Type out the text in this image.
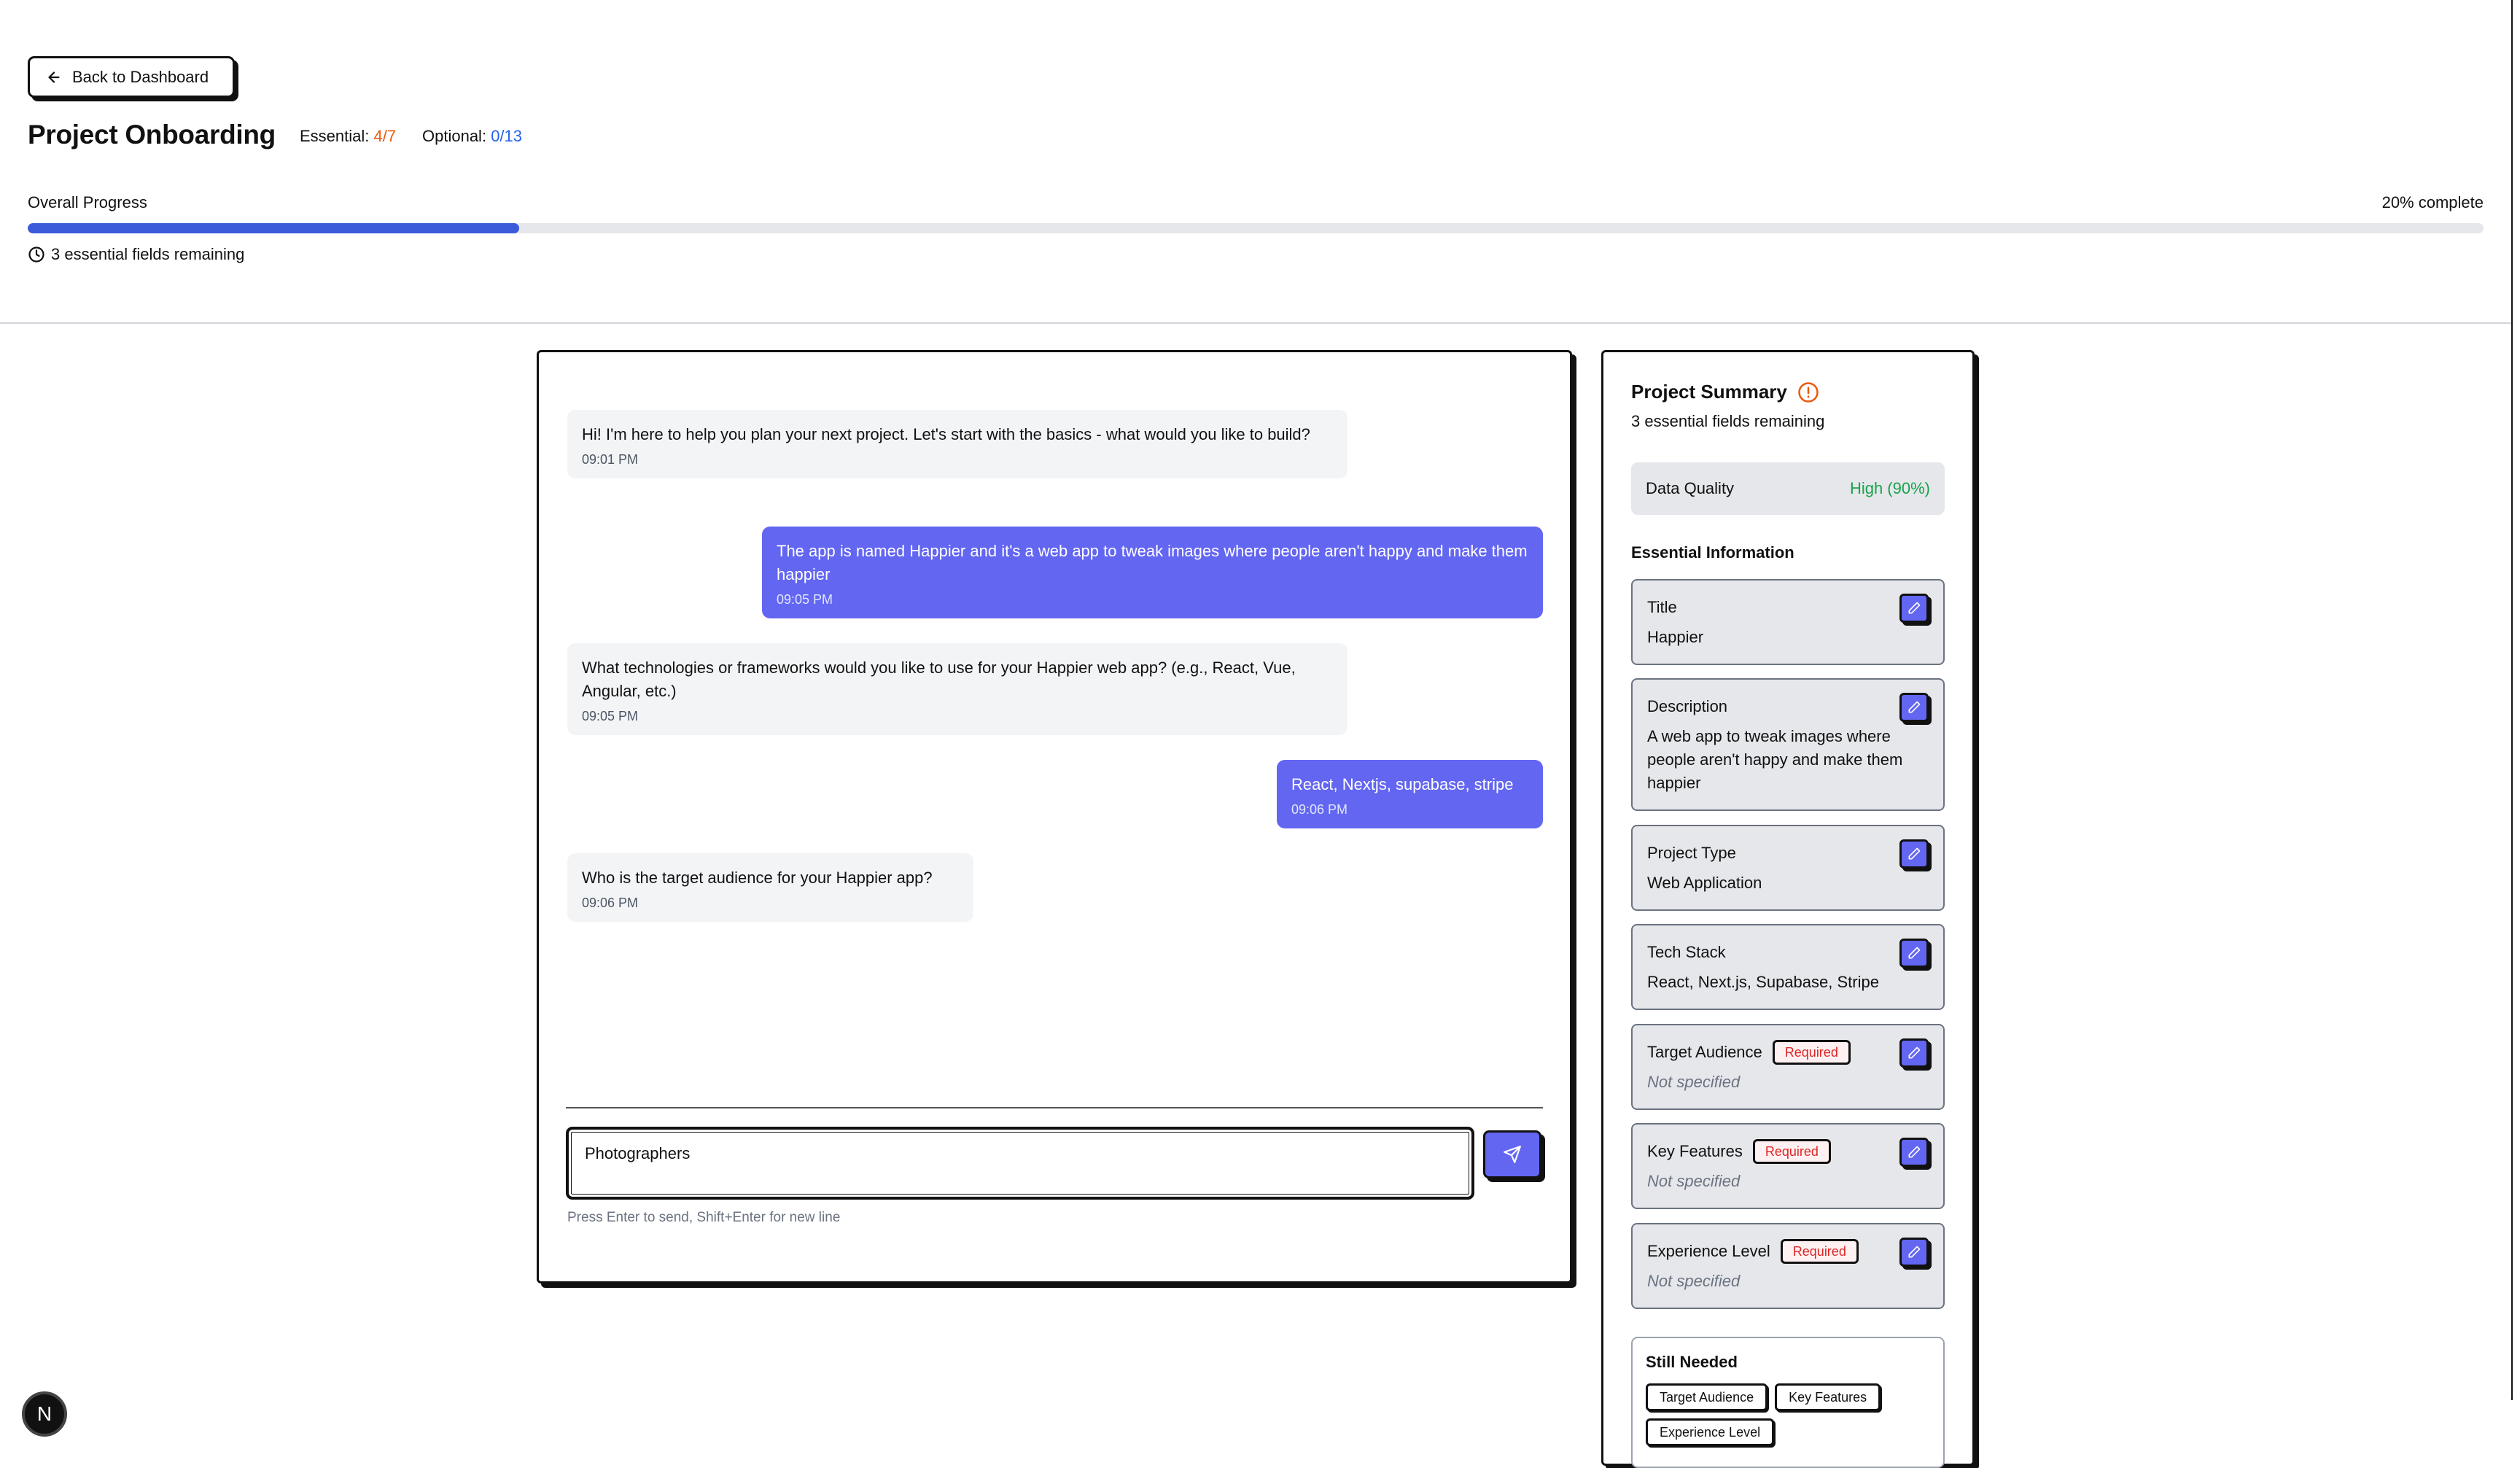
Back to Dashboard
Project Onboarding Essential: 4/7 Optional: 0/13
Overall Progress	20% complete
3 essential fields remaining
Hi! I'm here to help you plan your next project. Let's start with the basics - what would you like to build?
09:01 PM
The app is named Happier and it's a web app to tweak images where people aren't happy and make them happier
09:05 PM
What technologies or frameworks would you like to use for your Happier web app? (e.g., React, Vue, Angular, etc.)
09:05 PM
React, Nextjs, supabase, stripe
09:06 PM
Who is the target audience for your Happier app?
09:06 PM
Photographers
Press Enter to send, Shift+Enter for new line
Project Summary
3 essential fields remaining
Data Quality	High (90%)
Essential Information
Title
Happier
Description
A web app to tweak images where people aren't happy and make them happier
Project Type
Web Application
Tech Stack
React, Next.js, Supabase, Stripe
Target Audience	Required
Not specified
Key Features	Required
Not specified
Experience Level	Required
Not specified
Still Needed
Target Audience	Key Features
Experience Level
N
